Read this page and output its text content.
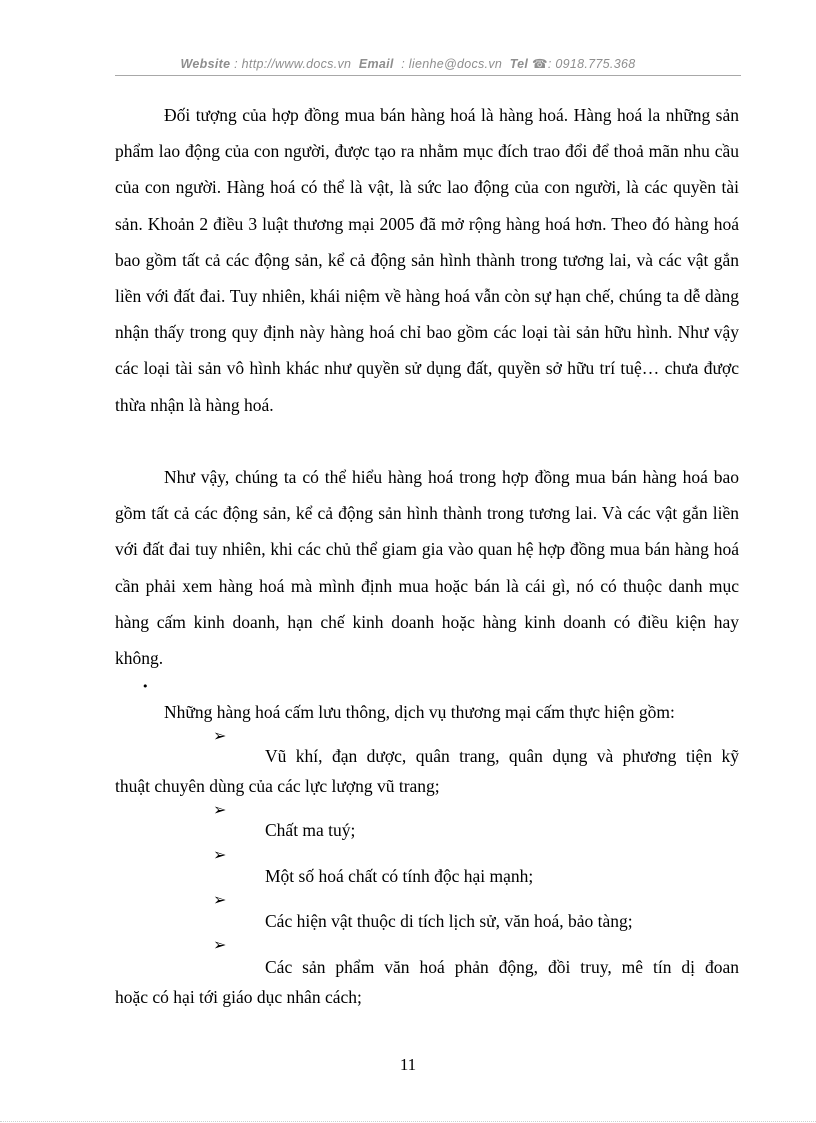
Website : http://www.docs.vn Email : lienhe@docs.vn Tel ☎: 0918.775.368

Đối tượng của hợp đồng mua bán hàng hoá là hàng hoá. Hàng hoá la những sản phẩm lao động của con người, được tạo ra nhằm mục đích trao đổi để thoả mãn nhu cầu của con người. Hàng hoá có thể là vật, là sức lao động của con người, là các quyền tài sản. Khoản 2 điều 3 luật thương mại 2005 đã mở rộng hàng hoá hơn. Theo đó hàng hoá bao gồm tất cả các động sản, kể cả động sản hình thành trong tương lai, và các vật gắn liền với đất đai. Tuy nhiên, khái niệm về hàng hoá vẫn còn sự hạn chế, chúng ta dễ dàng nhận thấy trong quy định này hàng hoá chỉ bao gồm các loại tài sản hữu hình. Như vậy các loại tài sản vô hình khác như quyền sử dụng đất, quyền sở hữu trí tuệ… chưa được thừa nhận là hàng hoá.

Như vậy, chúng ta có thể hiểu hàng hoá trong hợp đồng mua bán hàng hoá bao gồm tất cả các động sản, kể cả động sản hình thành trong tương lai. Và các vật gắn liền với đất đai tuy nhiên, khi các chủ thể giam gia vào quan hệ hợp đồng mua bán hàng hoá cần phải xem hàng hoá mà mình định mua hoặc bán là cái gì, nó có thuộc danh mục hàng cấm kinh doanh, hạn chế kinh doanh hoặc hàng kinh doanh có điều kiện hay không.

•

Những hàng hoá cấm lưu thông, dịch vụ thương mại cấm thực hiện gồm:

➢

Vũ khí, đạn dược, quân trang, quân dụng và phương tiện kỹ

thuật chuyên dùng của các lực lượng vũ trang;

➢

Chất ma tuý;

➢

Một số hoá chất có tính độc hại mạnh;

➢

Các hiện vật thuộc di tích lịch sử, văn hoá, bảo tàng;

➢

Các sản phẩm văn hoá phản động, đồi truy, mê tín dị đoan

hoặc có hại tới giáo dục nhân cách;

11
